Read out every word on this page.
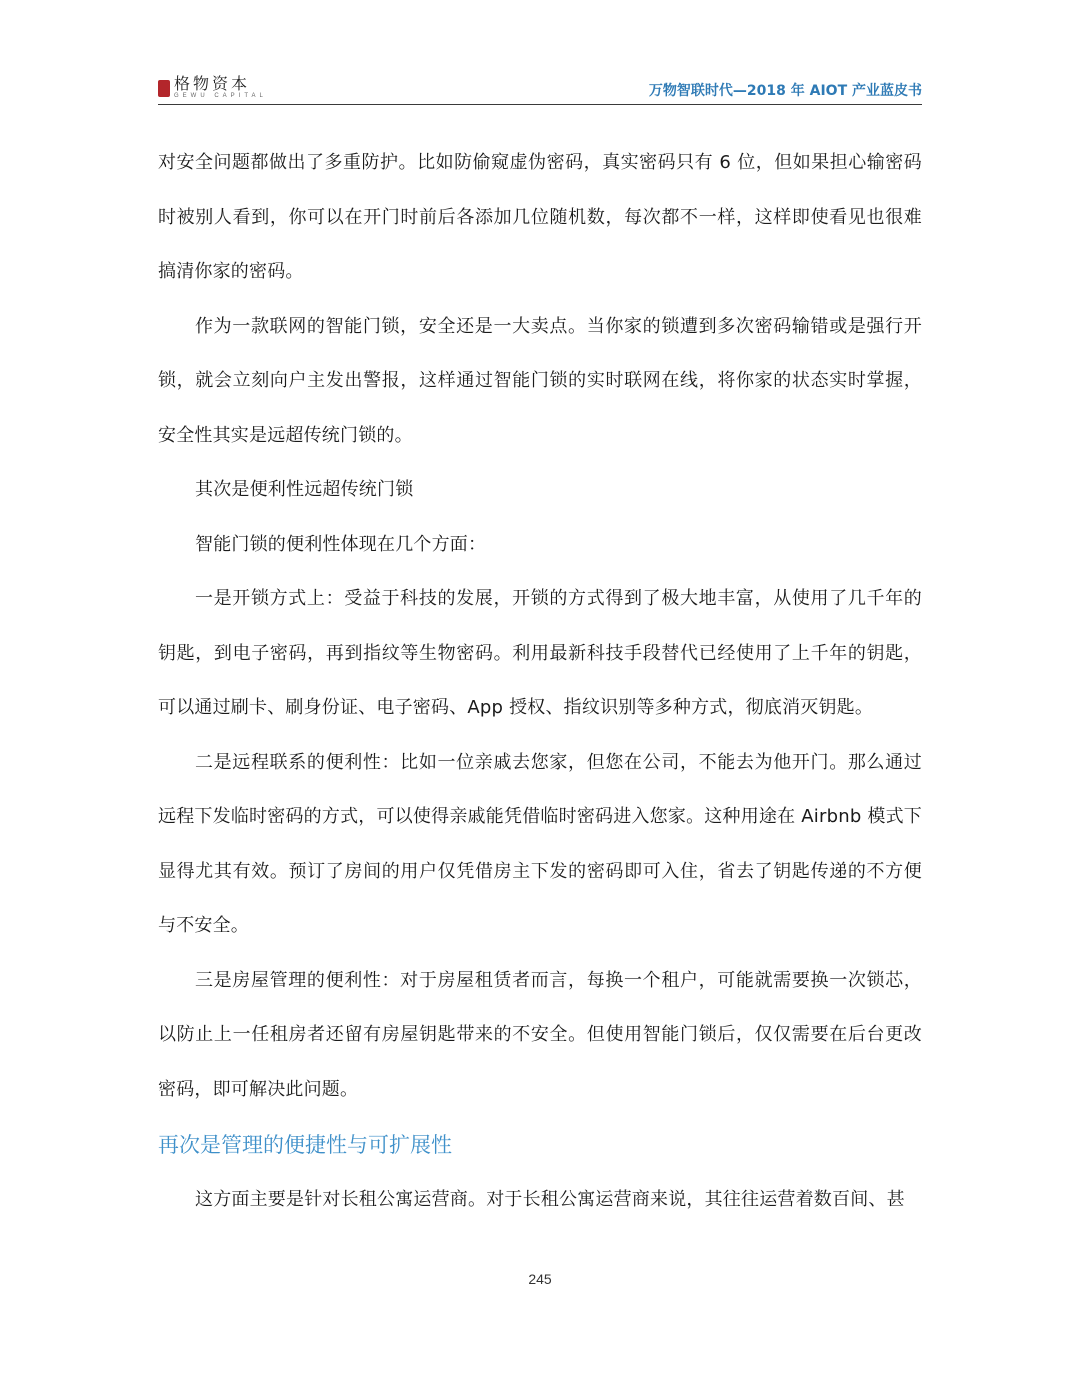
格物资本
GEWU CAPITAL	万物智联时代—2018 年 AIOT 产业蓝皮书

对安全问题都做出了多重防护。比如防偷窥虚伪密码，真实密码只有 6 位，但如果担心输密码时被别人看到，你可以在开门时前后各添加几位随机数，每次都不一样，这样即使看见也很难搞清你家的密码。

作为一款联网的智能门锁，安全还是一大卖点。当你家的锁遭到多次密码输错或是强行开锁，就会立刻向户主发出警报，这样通过智能门锁的实时联网在线，将你家的状态实时掌握，安全性其实是远超传统门锁的。

其次是便利性远超传统门锁

智能门锁的便利性体现在几个方面：

一是开锁方式上：受益于科技的发展，开锁的方式得到了极大地丰富，从使用了几千年的钥匙，到电子密码，再到指纹等生物密码。利用最新科技手段替代已经使用了上千年的钥匙，可以通过刷卡、刷身份证、电子密码、App 授权、指纹识别等多种方式，彻底消灭钥匙。

二是远程联系的便利性：比如一位亲戚去您家，但您在公司，不能去为他开门。那么通过远程下发临时密码的方式，可以使得亲戚能凭借临时密码进入您家。这种用途在 Airbnb 模式下显得尤其有效。预订了房间的用户仅凭借房主下发的密码即可入住，省去了钥匙传递的不方便与不安全。

三是房屋管理的便利性：对于房屋租赁者而言，每换一个租户，可能就需要换一次锁芯，以防止上一任租房者还留有房屋钥匙带来的不安全。但使用智能门锁后，仅仅需要在后台更改密码，即可解决此问题。

再次是管理的便捷性与可扩展性

这方面主要是针对长租公寓运营商。对于长租公寓运营商来说，其往往运营着数百间、甚

245
